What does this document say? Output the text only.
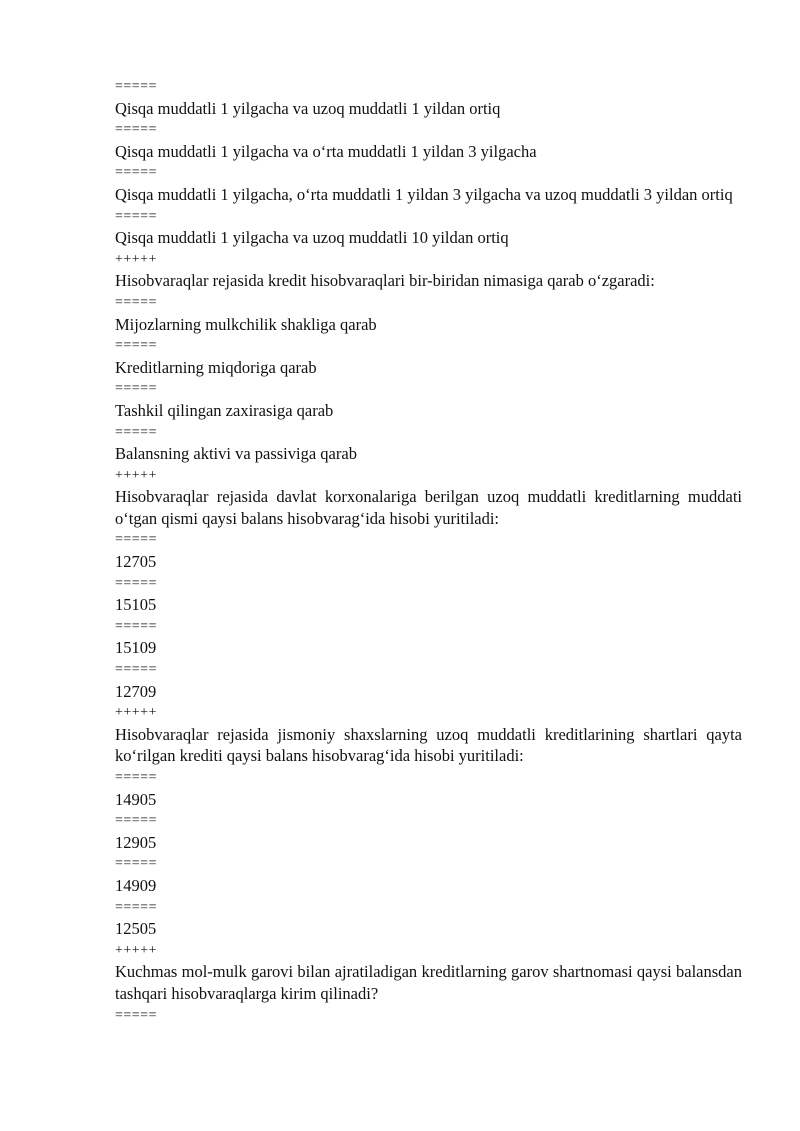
=====

Qisqa muddatli 1 yilgacha va uzoq muddatli 1 yildan ortiq

=====

Qisqa muddatli 1 yilgacha va o‘rta muddatli 1 yildan 3 yilgacha

=====

Qisqa muddatli 1 yilgacha, o‘rta muddatli 1 yildan 3 yilgacha va uzoq muddatli 3 yildan ortiq

=====

Qisqa muddatli 1 yilgacha va uzoq muddatli 10 yildan ortiq

+++++

Hisobvaraqlar rejasida kredit hisobvaraqlari bir-biridan nimasiga qarab o‘zgaradi:

=====

Mijozlarning mulkchilik shakliga qarab

=====

Kreditlarning miqdoriga qarab

=====

Tashkil qilingan zaxirasiga qarab

=====

Balansning aktivi va passiviga qarab

+++++

Hisobvaraqlar rejasida davlat korxonalariga berilgan uzoq muddatli kreditlarning muddati o‘tgan qismi qaysi balans hisobvarag‘ida hisobi yuritiladi:

=====

12705

=====

15105

=====

15109

=====

12709

+++++

Hisobvaraqlar rejasida jismoniy shaxslarning uzoq muddatli kreditlarining shartlari qayta ko‘rilgan krediti qaysi balans hisobvarag‘ida hisobi yuritiladi:

=====

14905

=====

12905

=====

14909

=====

12505

+++++

Kuchmas mol-mulk garovi bilan ajratiladigan kreditlarning garov shartnomasi qaysi balansdan tashqari hisobvaraqlarga kirim qilinadi?

=====
